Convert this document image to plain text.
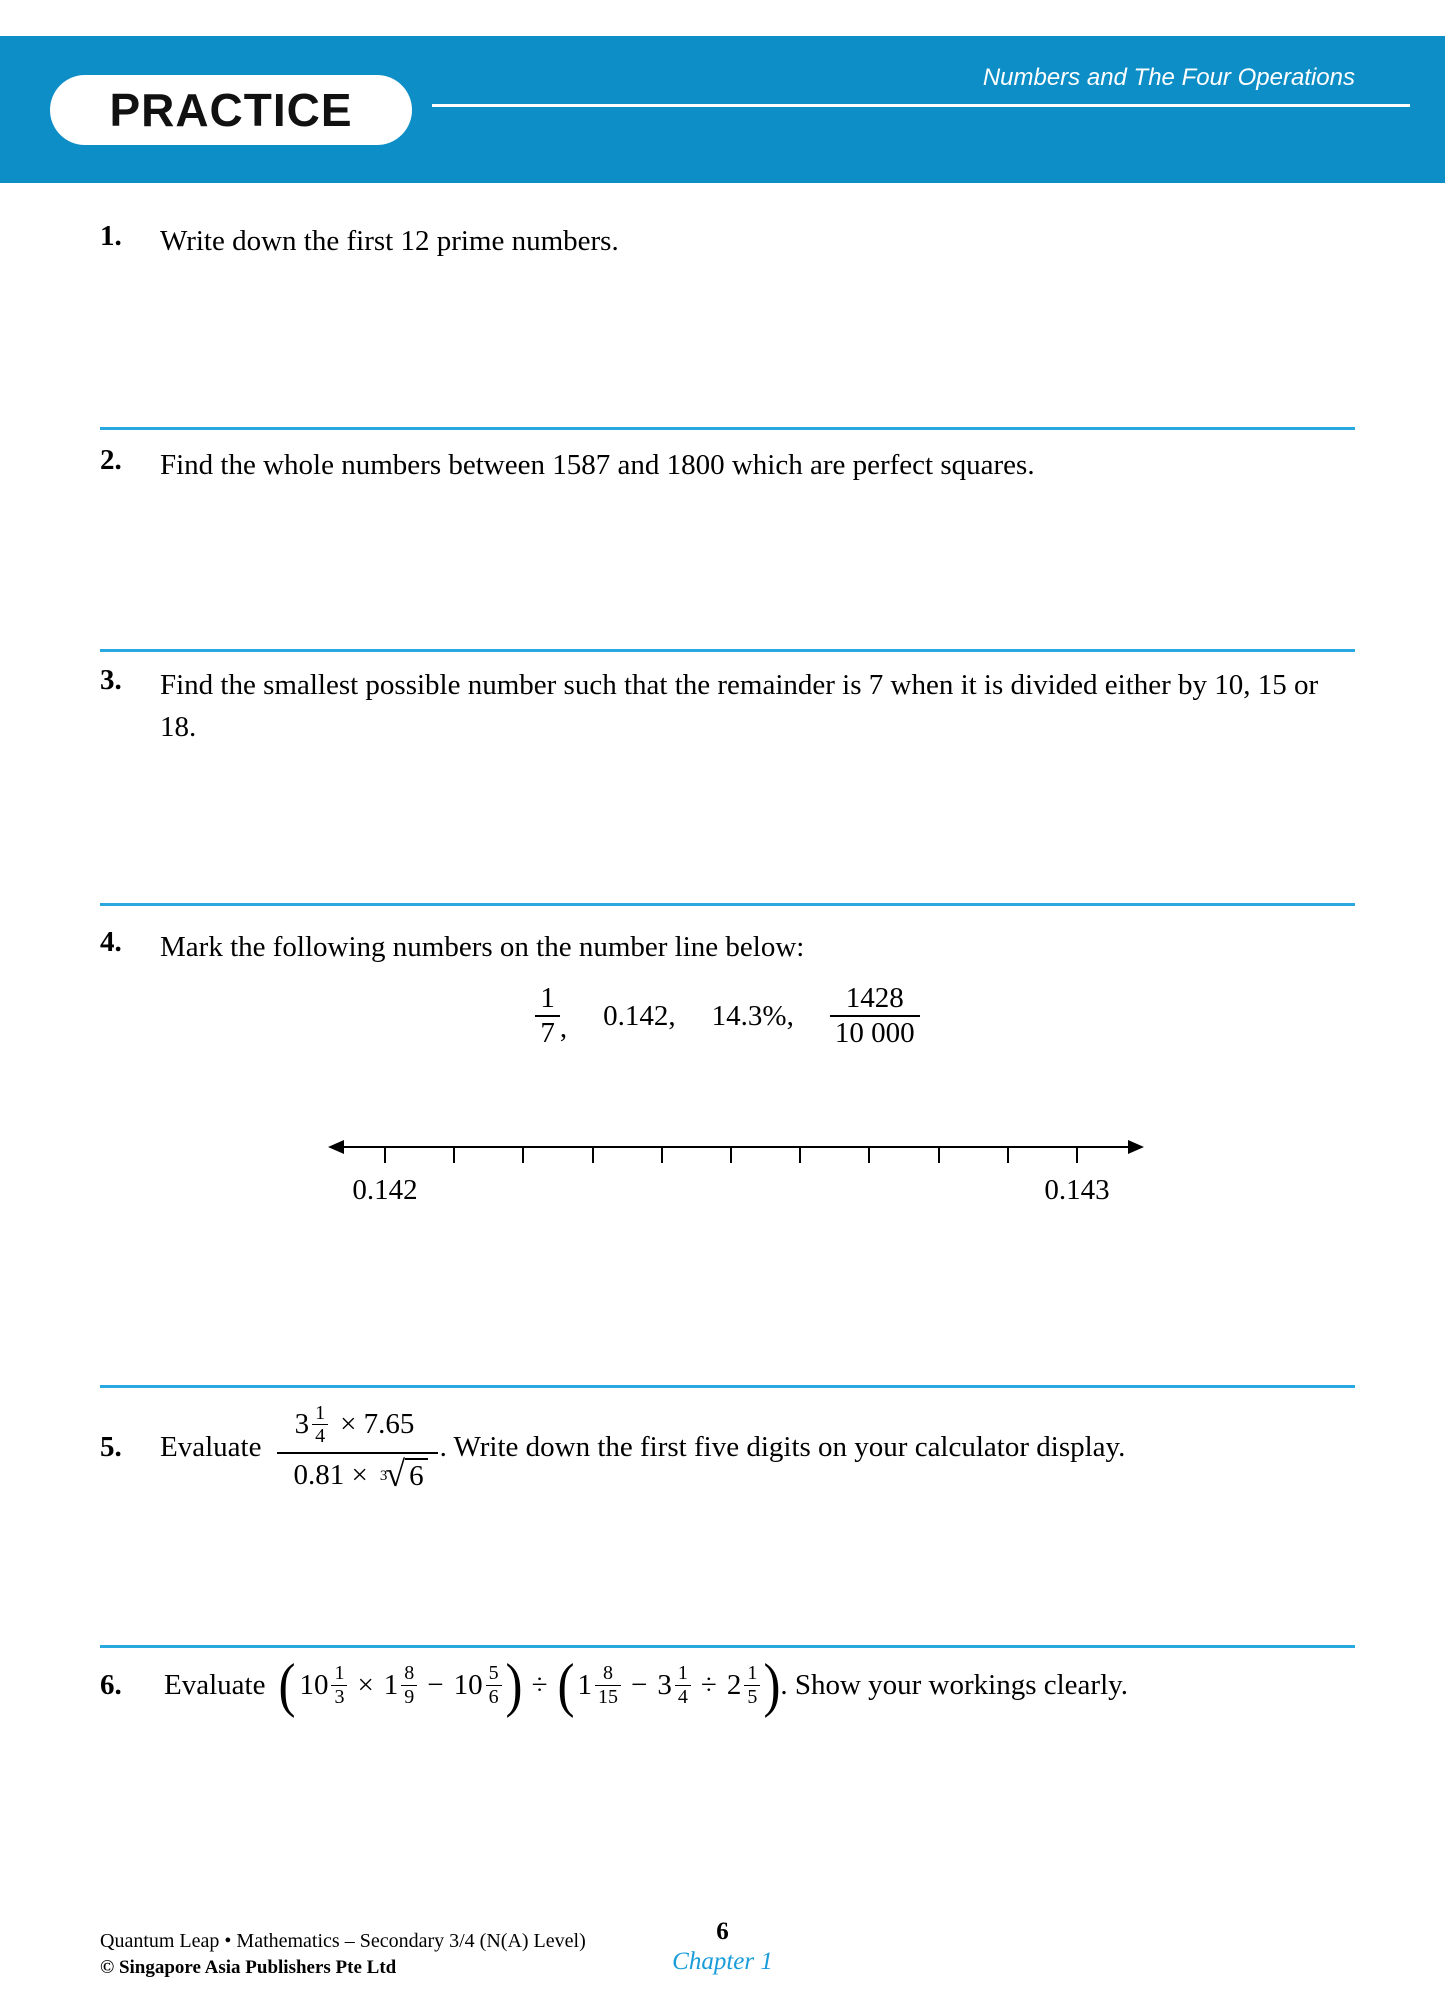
PRACTICE
Numbers and The Four Operations
1.	Write down the first 12 prime numbers.
2.	Find the whole numbers between 1587 and 1800 which are perfect squares.
3.	Find the smallest possible number such that the remainder is 7 when it is divided either by 10, 15 or 18.
4.	Mark the following numbers on the number line below:
$\frac{1}{7}$ , 0.142, 14.3%, $\frac{1428}{10 000}$
0.142	0.143
5.	Evaluate
$3 \frac{1}{4} \times 7.65$
0.81 × 3
√ 6
. Write down the first five digits on your calculator display.
6.	Evaluate ( $10 \frac{1}{3} \times 1 \frac{8}{9} - 10 \frac{5}{6}$ ) ÷ ( $1 \frac{8}{15} - 3 \frac{1}{4} \div 2 \frac{1}{5}$ ) . Show your workings clearly.
Quantum Leap • Mathematics – Secondary 3/4 (N(A) Level)
© Singapore Asia Publishers Pte Ltd
6
Chapter 1
